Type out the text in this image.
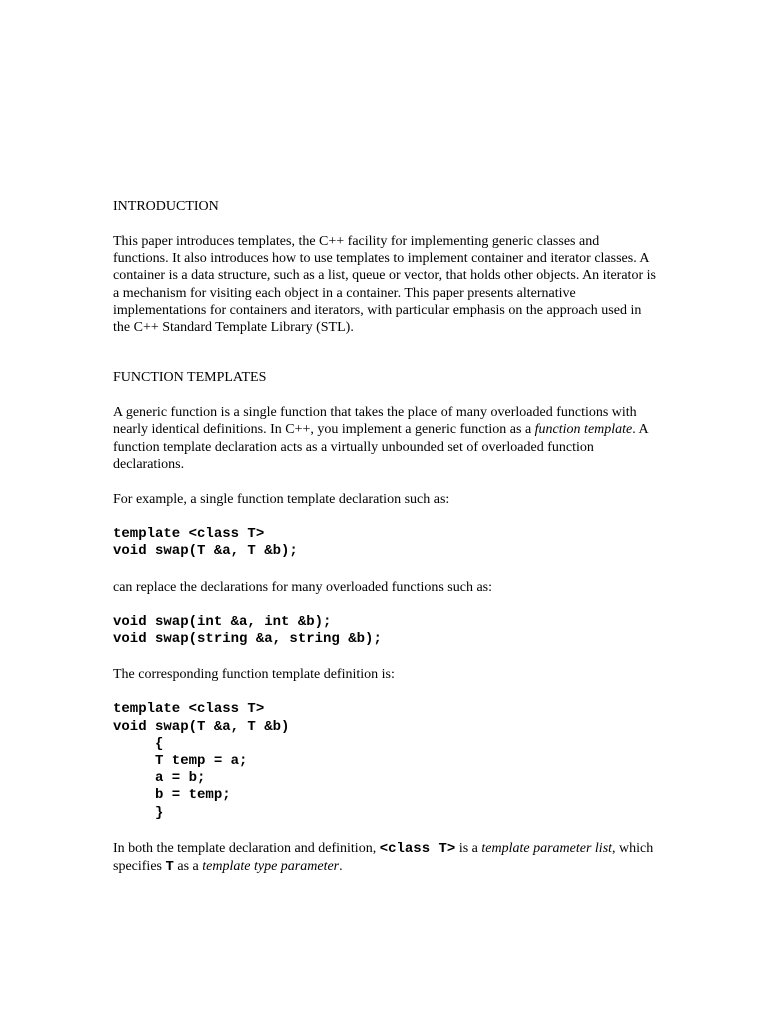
INTRODUCTION

This paper introduces templates, the C++ facility for implementing generic classes and functions. It also introduces how to use templates to implement container and iterator classes. A container is a data structure, such as a list, queue or vector, that holds other objects. An iterator is a mechanism for visiting each object in a container. This paper presents alternative implementations for containers and iterators, with particular emphasis on the approach used in the C++ Standard Template Library (STL).

FUNCTION TEMPLATES

A generic function is a single function that takes the place of many overloaded functions with nearly identical definitions. In C++, you implement a generic function as a function template. A function template declaration acts as a virtually unbounded set of overloaded function declarations.

For example, a single function template declaration such as:

template <class T>
void swap(T &a, T &b);

can replace the declarations for many overloaded functions such as:

void swap(int &a, int &b);
void swap(string &a, string &b);

The corresponding function template definition is:

template <class T>
void swap(T &a, T &b)
{
T temp = a;
a = b;
b = temp;
}

In both the template declaration and definition, <class T> is a template parameter list, which specifies T as a template type parameter.
